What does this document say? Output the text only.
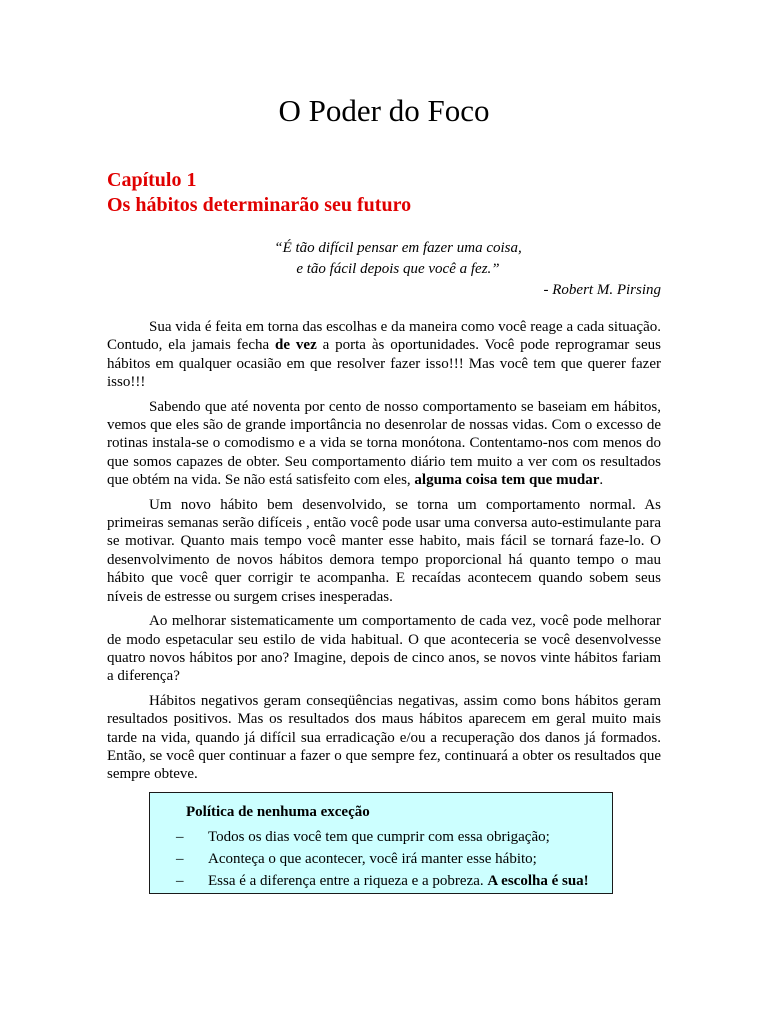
O Poder do Foco
Capítulo 1
Os hábitos determinarão seu futuro
“É tão difícil pensar em fazer uma coisa,
e tão fácil depois que você a fez.”
- Robert M. Pirsing

Sua vida é feita em torna das escolhas e da maneira como você reage a cada situação. Contudo, ela jamais fecha de vez a porta às oportunidades. Você pode reprogramar seus hábitos em qualquer ocasião em que resolver fazer isso!!! Mas você tem que querer fazer isso!!!

Sabendo que até noventa por cento de nosso comportamento se baseiam em hábitos, vemos que eles são de grande importância no desenrolar de nossas vidas. Com o excesso de rotinas instala-se o comodismo e a vida se torna monótona. Contentamo-nos com menos do que somos capazes de obter. Seu comportamento diário tem muito a ver com os resultados que obtém na vida. Se não está satisfeito com eles, alguma coisa tem que mudar.

Um novo hábito bem desenvolvido, se torna um comportamento normal. As primeiras semanas serão difíceis , então você pode usar uma conversa auto-estimulante para se motivar. Quanto mais tempo você manter esse habito, mais fácil se tornará faze-lo. O desenvolvimento de novos hábitos demora tempo proporcional há quanto tempo o mau hábito que você quer corrigir te acompanha. E recaídas acontecem quando sobem seus níveis de estresse ou surgem crises inesperadas.

Ao melhorar sistematicamente um comportamento de cada vez, você pode melhorar de modo espetacular seu estilo de vida habitual. O que aconteceria se você desenvolvesse quatro novos hábitos por ano? Imagine, depois de cinco anos, se novos vinte hábitos fariam a diferença?

Hábitos negativos geram conseqüências negativas, assim como bons hábitos geram resultados positivos. Mas os resultados dos maus hábitos aparecem em geral muito mais tarde na vida, quando já difícil sua erradicação e/ou a recuperação dos danos já formados. Então, se você quer continuar a fazer o que sempre fez, continuará a obter os resultados que sempre obteve.

Política de nenhuma exceção
– Todos os dias você tem que cumprir com essa obrigação;
– Aconteça o que acontecer, você irá manter esse hábito;
– Essa é a diferença entre a riqueza e a pobreza. A escolha é sua!
